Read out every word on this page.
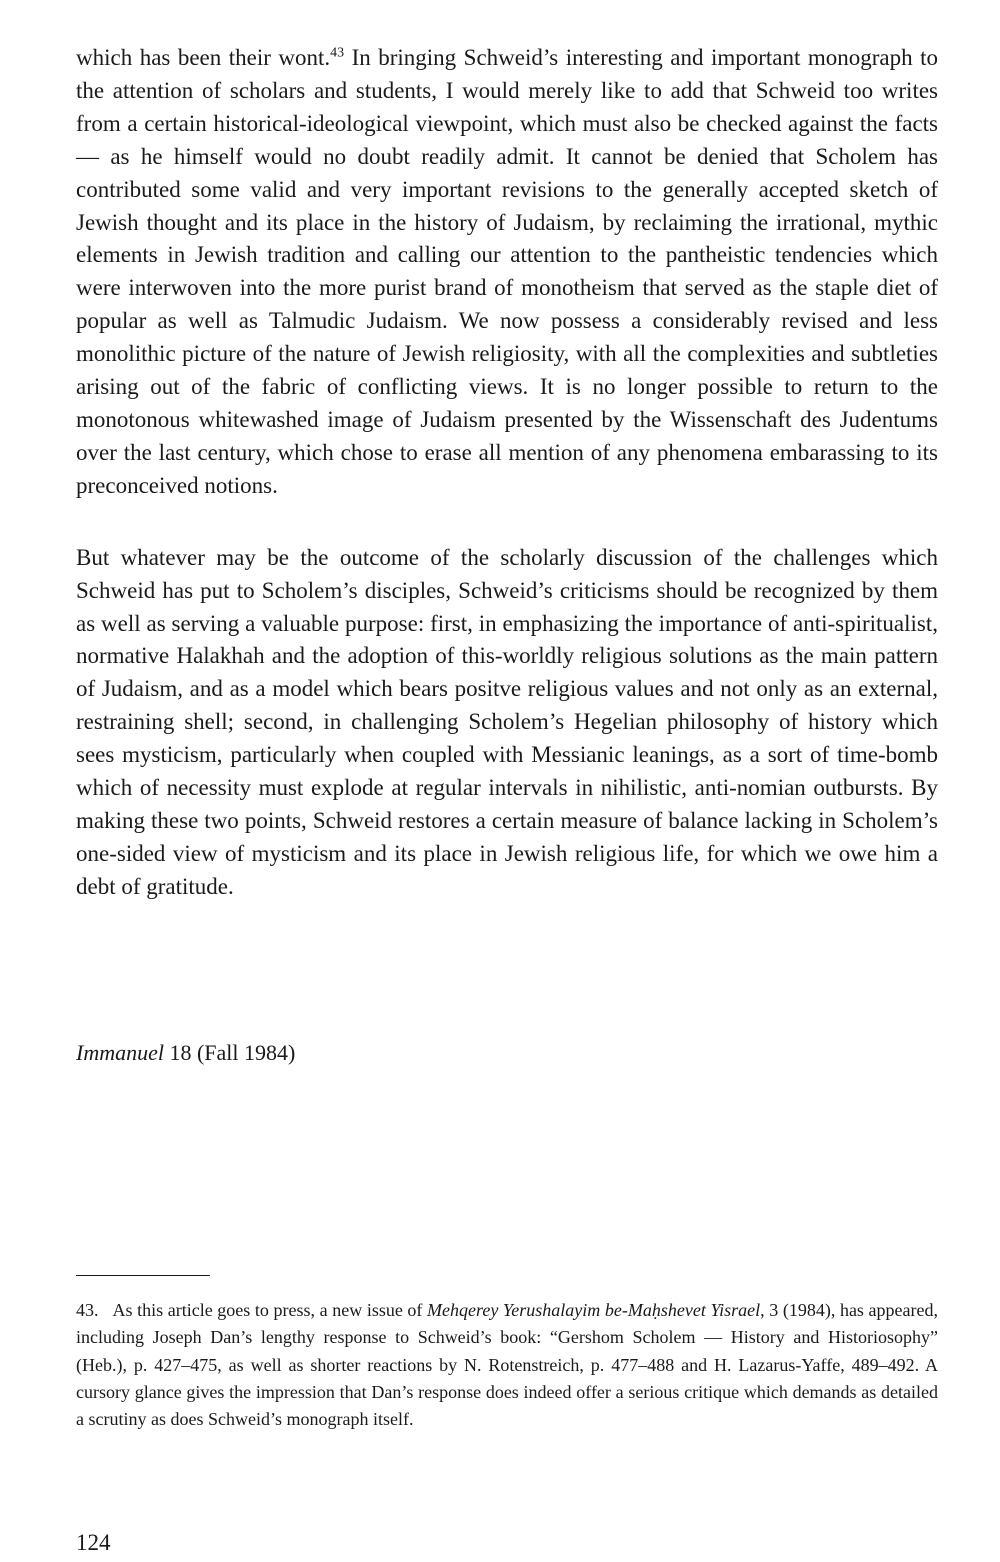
which has been their wont.$^{43}$ In bringing Schweid’s interesting and important monograph to the attention of scholars and students, I would merely like to add that Schweid too writes from a certain historical-ideological viewpoint, which must also be checked against the facts — as he himself would no doubt readily admit. It cannot be denied that Scholem has contributed some valid and very important revisions to the generally accepted sketch of Jewish thought and its place in the history of Judaism, by reclaiming the irrational, mythic elements in Jewish tradition and calling our attention to the pantheistic tendencies which were interwoven into the more purist brand of monotheism that served as the staple diet of popular as well as Talmudic Judaism. We now possess a considerably revised and less monolithic picture of the nature of Jewish religiosity, with all the complexities and subtleties arising out of the fabric of conflicting views. It is no longer possible to return to the monotonous whitewashed image of Judaism presented by the Wissenschaft des Judentums over the last century, which chose to erase all mention of any phenomena embarassing to its preconceived notions.

But whatever may be the outcome of the scholarly discussion of the challenges which Schweid has put to Scholem’s disciples, Schweid’s criticisms should be recognized by them as well as serving a valuable purpose: first, in emphasizing the importance of anti-spiritualist, normative Halakhah and the adoption of this-worldly religious solutions as the main pattern of Judaism, and as a model which bears positve religious values and not only as an external, restraining shell; second, in challenging Scholem’s Hegelian philosophy of history which sees mysticism, particularly when coupled with Messianic leanings, as a sort of time-bomb which of necessity must explode at regular intervals in nihilistic, anti-nomian outbursts. By making these two points, Schweid restores a certain measure of balance lacking in Scholem’s one-sided view of mysticism and its place in Jewish religious life, for which we owe him a debt of gratitude.

Immanuel 18 (Fall 1984)

43. As this article goes to press, a new issue of Mehqerey Yerushalayim be-Maḥshevet Yisrael, 3 (1984), has appeared, including Joseph Dan’s lengthy response to Schweid’s book: “Gershom Scholem — History and Historiosophy” (Heb.), p. 427–475, as well as shorter reactions by N. Rotenstreich, p. 477–488 and H. Lazarus-Yaffe, 489–492. A cursory glance gives the impression that Dan’s response does indeed offer a serious critique which demands as detailed a scrutiny as does Schweid’s monograph itself.

124
